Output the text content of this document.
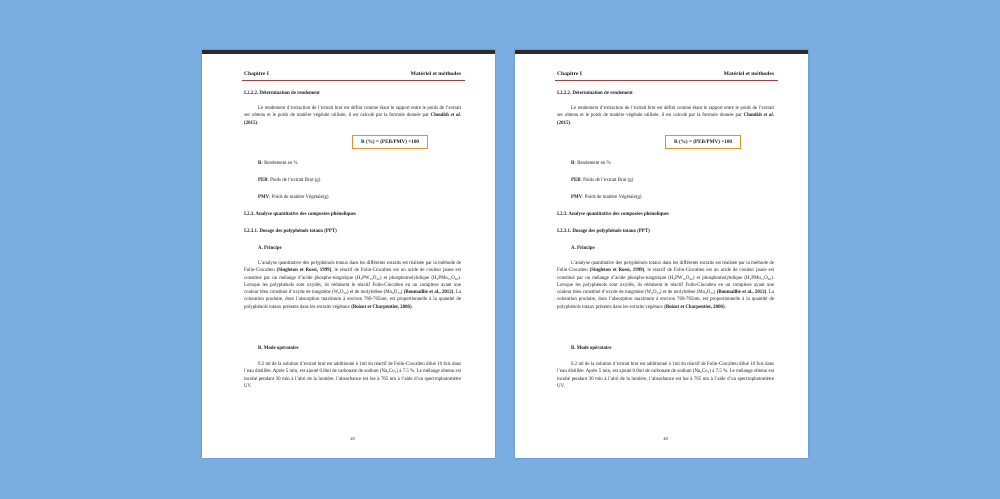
Chapitre I	Matériel et méthodes
I.2.2.2. Détermination de rendement
Le rendement d’extraction de l’extrait brut est défini comme étant le rapport entre le poids de l’extrait sec obtenu et le poids de matière végétale utilisée, il est calculé par la formule donnée par Chouikh et al. (2015).
R (%) = (PEB/PMV) ×100
R: Rendement en %
PEB: Poids de l’extrait Brut (g)
PMV: Poids de matière Végétale(g)
I.2.3. Analyse quantitative des composées phénoliques
I.2.3.1. Dosage des polyphénols totaux (PPT)
A. Principe
L’analyse quantitative des polyphénols totaux dans les différents extraits est réalisée par la méthode de Folin-Ciocalteu (Singleton et Rossi, 1999), le réactif de Folin-Ciocalteu est un acide de couleur jaune est constitué par un mélange d’acide phospho-tungstique (H₃PW₁₂O₄₀) et phosphomolybdique (H₃PMo₁₂O₄₀). Lorsque les polyphénols sont oxydés, ils réduisent le réactif Folin-Ciocalteu en un complexe ayant une couleur bleu constitué d’oxyde de tungstène (W₈O₂₃) et de molybdène (Mo₈O₂₃) (Boumaillie et al., 2012). La coloration produite, dont l’absorption maximum à environ 760-765nm, est proportionnelle à la quantité de polyphénols totaux présents dans les extraits végétaux (Boizot et Charpentier, 2006).
B. Mode opératoire
0.2 ml de la solution d’extrait brut est additionné à 1ml du réactif de Folin-Ciocalteu dilué 10 fois dans l’eau distillée. Après 5 min, est ajouté 0.8ml de carbonate de sodium (Na₂Co₃) à 7.5 %. Le mélange obtenu est incubé pendant 30 min à l’abri de la lumière, l’absorbance est lue à 765 nm à l’aide d’un spectrophotomètre UV.
20
Chapitre I	Matériel et méthodes
I.2.2.2. Détermination de rendement
Le rendement d’extraction de l’extrait brut est défini comme étant le rapport entre le poids de l’extrait sec obtenu et le poids de matière végétale utilisée, il est calculé par la formule donnée par Chouikh et al. (2015).
R (%) = (PEB/PMV) ×100
R: Rendement en %
PEB: Poids de l’extrait Brut (g)
PMV: Poids de matière Végétale(g)
I.2.3. Analyse quantitative des composées phénoliques
I.2.3.1. Dosage des polyphénols totaux (PPT)
A. Principe
L’analyse quantitative des polyphénols totaux dans les différents extraits est réalisée par la méthode de Folin-Ciocalteu (Singleton et Rossi, 1999), le réactif de Folin-Ciocalteu est un acide de couleur jaune est constitué par un mélange d’acide phospho-tungstique (H₃PW₁₂O₄₀) et phosphomolybdique (H₃PMo₁₂O₄₀). Lorsque les polyphénols sont oxydés, ils réduisent le réactif Folin-Ciocalteu en un complexe ayant une couleur bleu constitué d’oxyde de tungstène (W₈O₂₃) et de molybdène (Mo₈O₂₃) (Boumaillie et al., 2012). La coloration produite, dont l’absorption maximum à environ 760-765nm, est proportionnelle à la quantité de polyphénols totaux présents dans les extraits végétaux (Boizot et Charpentier, 2006).
B. Mode opératoire
0.2 ml de la solution d’extrait brut est additionné à 1ml du réactif de Folin-Ciocalteu dilué 10 fois dans l’eau distillée. Après 5 min, est ajouté 0.8ml de carbonate de sodium (Na₂Co₃) à 7.5 %. Le mélange obtenu est incubé pendant 30 min à l’abri de la lumière, l’absorbance est lue à 765 nm à l’aide d’un spectrophotomètre UV.
20
